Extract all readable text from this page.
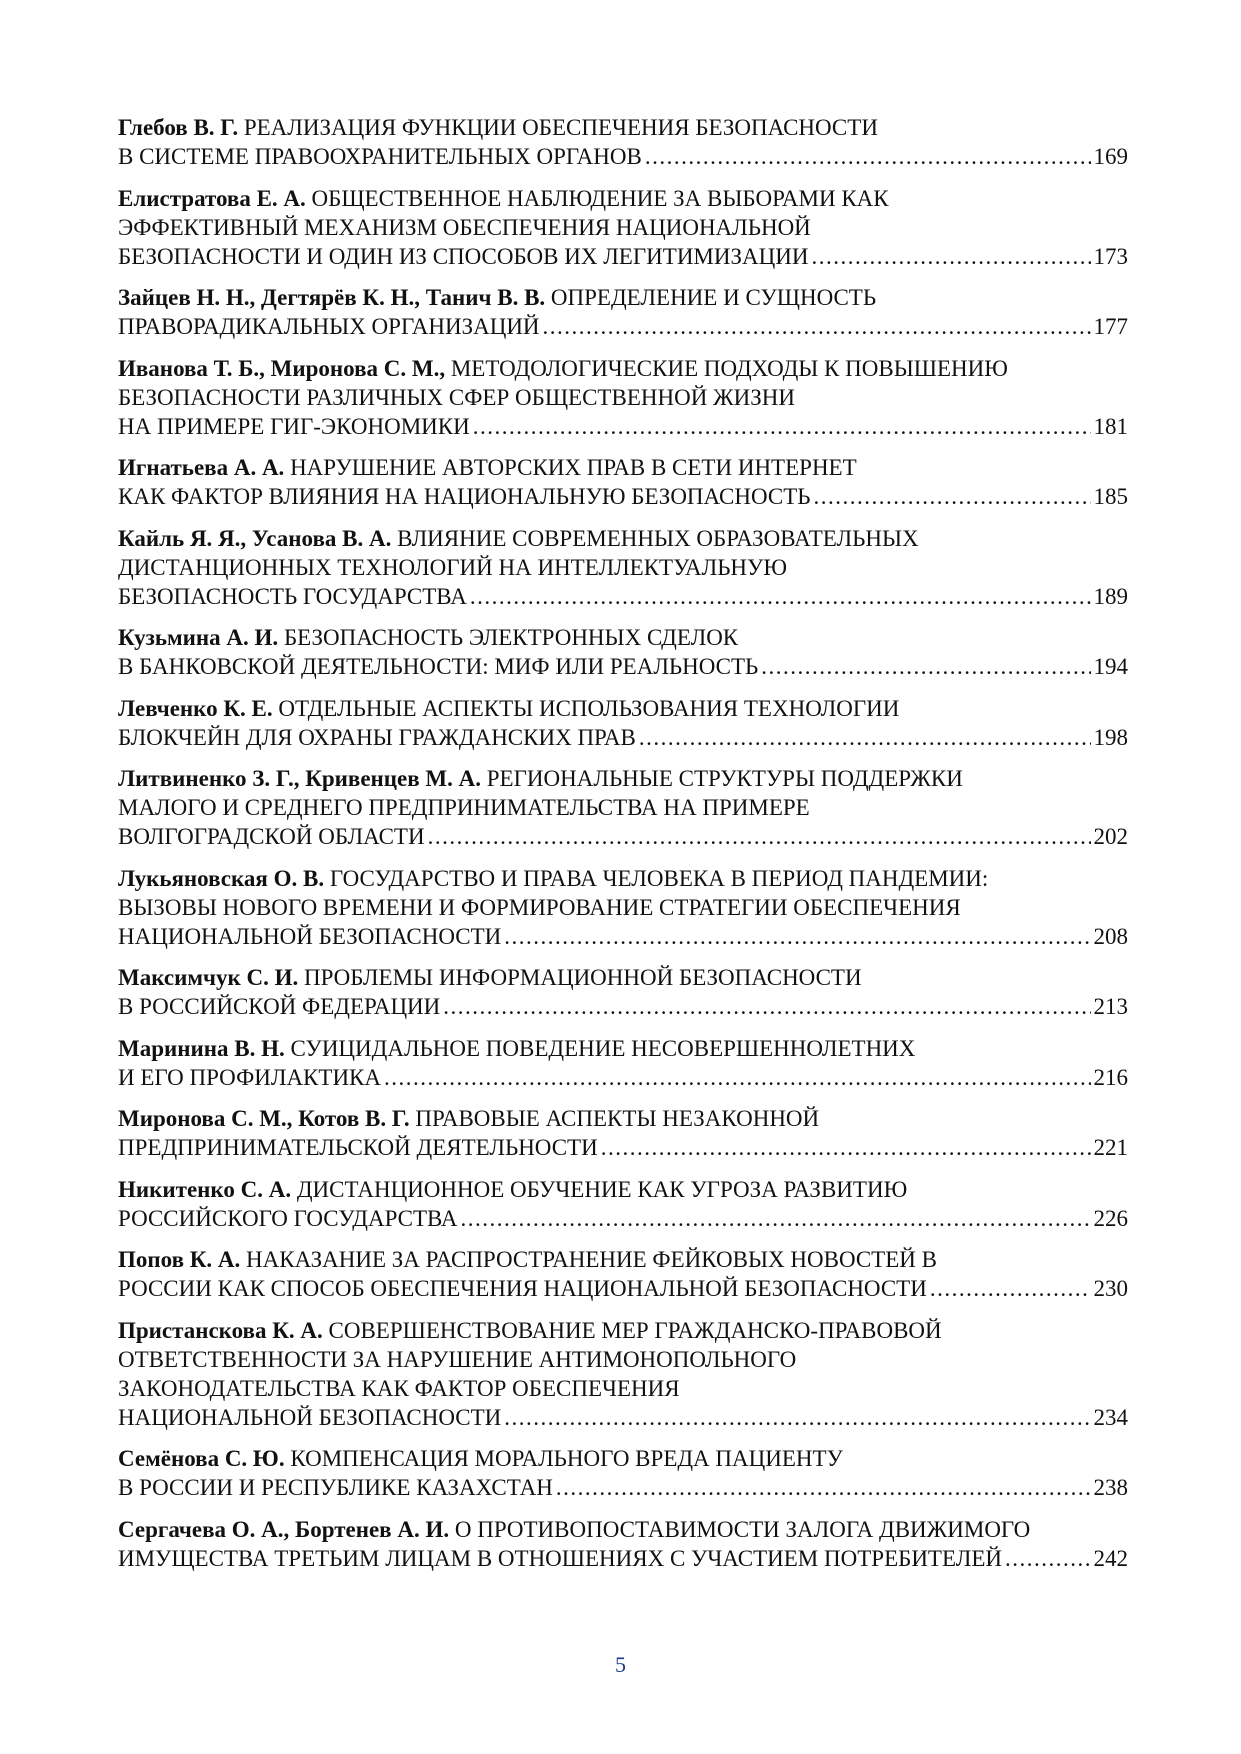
Глебов В. Г. РЕАЛИЗАЦИЯ ФУНКЦИИ ОБЕСПЕЧЕНИЯ БЕЗОПАСНОСТИ
В СИСТЕМЕ ПРАВООХРАНИТЕЛЬНЫХ ОРГАНОВ .....	169
Елистратова Е. А. ОБЩЕСТВЕННОЕ НАБЛЮДЕНИЕ ЗА ВЫБОРАМИ КАК
ЭФФЕКТИВНЫЙ МЕХАНИЗМ ОБЕСПЕЧЕНИЯ НАЦИОНАЛЬНОЙ
БЕЗОПАСНОСТИ И ОДИН ИЗ СПОСОБОВ ИХ ЛЕГИТИМИЗАЦИИ .....	173
Зайцев Н. Н., Дегтярёв К. Н., Танич В. В. ОПРЕДЕЛЕНИЕ И СУЩНОСТЬ
ПРАВОРАДИКАЛЬНЫХ ОРГАНИЗАЦИЙ .....	177
Иванова Т. Б., Миронова С. М., МЕТОДОЛОГИЧЕСКИЕ ПОДХОДЫ К ПОВЫШЕНИЮ
БЕЗОПАСНОСТИ РАЗЛИЧНЫХ СФЕР ОБЩЕСТВЕННОЙ ЖИЗНИ
НА ПРИМЕРЕ ГИГ-ЭКОНОМИКИ .....	181
Игнатьева А. А. НАРУШЕНИЕ АВТОРСКИХ ПРАВ В СЕТИ ИНТЕРНЕТ
КАК ФАКТОР ВЛИЯНИЯ НА НАЦИОНАЛЬНУЮ БЕЗОПАСНОСТЬ .....	185
Кайль Я. Я., Усанова В. А. ВЛИЯНИЕ СОВРЕМЕННЫХ ОБРАЗОВАТЕЛЬНЫХ
ДИСТАНЦИОННЫХ ТЕХНОЛОГИЙ НА ИНТЕЛЛЕКТУАЛЬНУЮ
БЕЗОПАСНОСТЬ ГОСУДАРСТВА .....	189
Кузьмина А. И. БЕЗОПАСНОСТЬ ЭЛЕКТРОННЫХ СДЕЛОК
В БАНКОВСКОЙ ДЕЯТЕЛЬНОСТИ: МИФ ИЛИ РЕАЛЬНОСТЬ .....	194
Левченко К. Е. ОТДЕЛЬНЫЕ АСПЕКТЫ ИСПОЛЬЗОВАНИЯ ТЕХНОЛОГИИ
БЛОКЧЕЙН ДЛЯ ОХРАНЫ ГРАЖДАНСКИХ ПРАВ .....	198
Литвиненко З. Г., Кривенцев М. А. РЕГИОНАЛЬНЫЕ СТРУКТУРЫ ПОДДЕРЖКИ
МАЛОГО И СРЕДНЕГО ПРЕДПРИНИМАТЕЛЬСТВА НА ПРИМЕРЕ
ВОЛГОГРАДСКОЙ ОБЛАСТИ .....	202
Лукьяновская О. В. ГОСУДАРСТВО И ПРАВА ЧЕЛОВЕКА В ПЕРИОД ПАНДЕМИИ:
ВЫЗОВЫ НОВОГО ВРЕМЕНИ И ФОРМИРОВАНИЕ СТРАТЕГИИ ОБЕСПЕЧЕНИЯ
НАЦИОНАЛЬНОЙ БЕЗОПАСНОСТИ .....	208
Максимчук С. И. ПРОБЛЕМЫ ИНФОРМАЦИОННОЙ БЕЗОПАСНОСТИ
В РОССИЙСКОЙ ФЕДЕРАЦИИ .....	213
Маринина В. Н. СУИЦИДАЛЬНОЕ ПОВЕДЕНИЕ НЕСОВЕРШЕННОЛЕТНИХ
И ЕГО ПРОФИЛАКТИКА .....	216
Миронова С. М., Котов В. Г. ПРАВОВЫЕ АСПЕКТЫ НЕЗАКОННОЙ
ПРЕДПРИНИМАТЕЛЬСКОЙ ДЕЯТЕЛЬНОСТИ .....	221
Никитенко С. А. ДИСТАНЦИОННОЕ ОБУЧЕНИЕ КАК УГРОЗА РАЗВИТИЮ
РОССИЙСКОГО ГОСУДАРСТВА .....	226
Попов К. А. НАКАЗАНИЕ ЗА РАСПРОСТРАНЕНИЕ ФЕЙКОВЫХ НОВОСТЕЙ В
РОССИИ КАК СПОСОБ ОБЕСПЕЧЕНИЯ НАЦИОНАЛЬНОЙ БЕЗОПАСНОСТИ .....	230
Пристанскова К. А. СОВЕРШЕНСТВОВАНИЕ МЕР ГРАЖДАНСКО-ПРАВОВОЙ
ОТВЕТСТВЕННОСТИ ЗА НАРУШЕНИЕ АНТИМОНОПОЛЬНОГО
ЗАКОНОДАТЕЛЬСТВА КАК ФАКТОР ОБЕСПЕЧЕНИЯ
НАЦИОНАЛЬНОЙ БЕЗОПАСНОСТИ .....	234
Семёнова С. Ю. КОМПЕНСАЦИЯ МОРАЛЬНОГО ВРЕДА ПАЦИЕНТУ
В РОССИИ И РЕСПУБЛИКЕ КАЗАХСТАН .....	238
Сергачева О. А., Бортенев А. И. О ПРОТИВОПОСТАВИМОСТИ ЗАЛОГА ДВИЖИМОГО
ИМУЩЕСТВА ТРЕТЬИМ ЛИЦАМ В ОТНОШЕНИЯХ С УЧАСТИЕМ ПОТРЕБИТЕЛЕЙ .....	242
5
